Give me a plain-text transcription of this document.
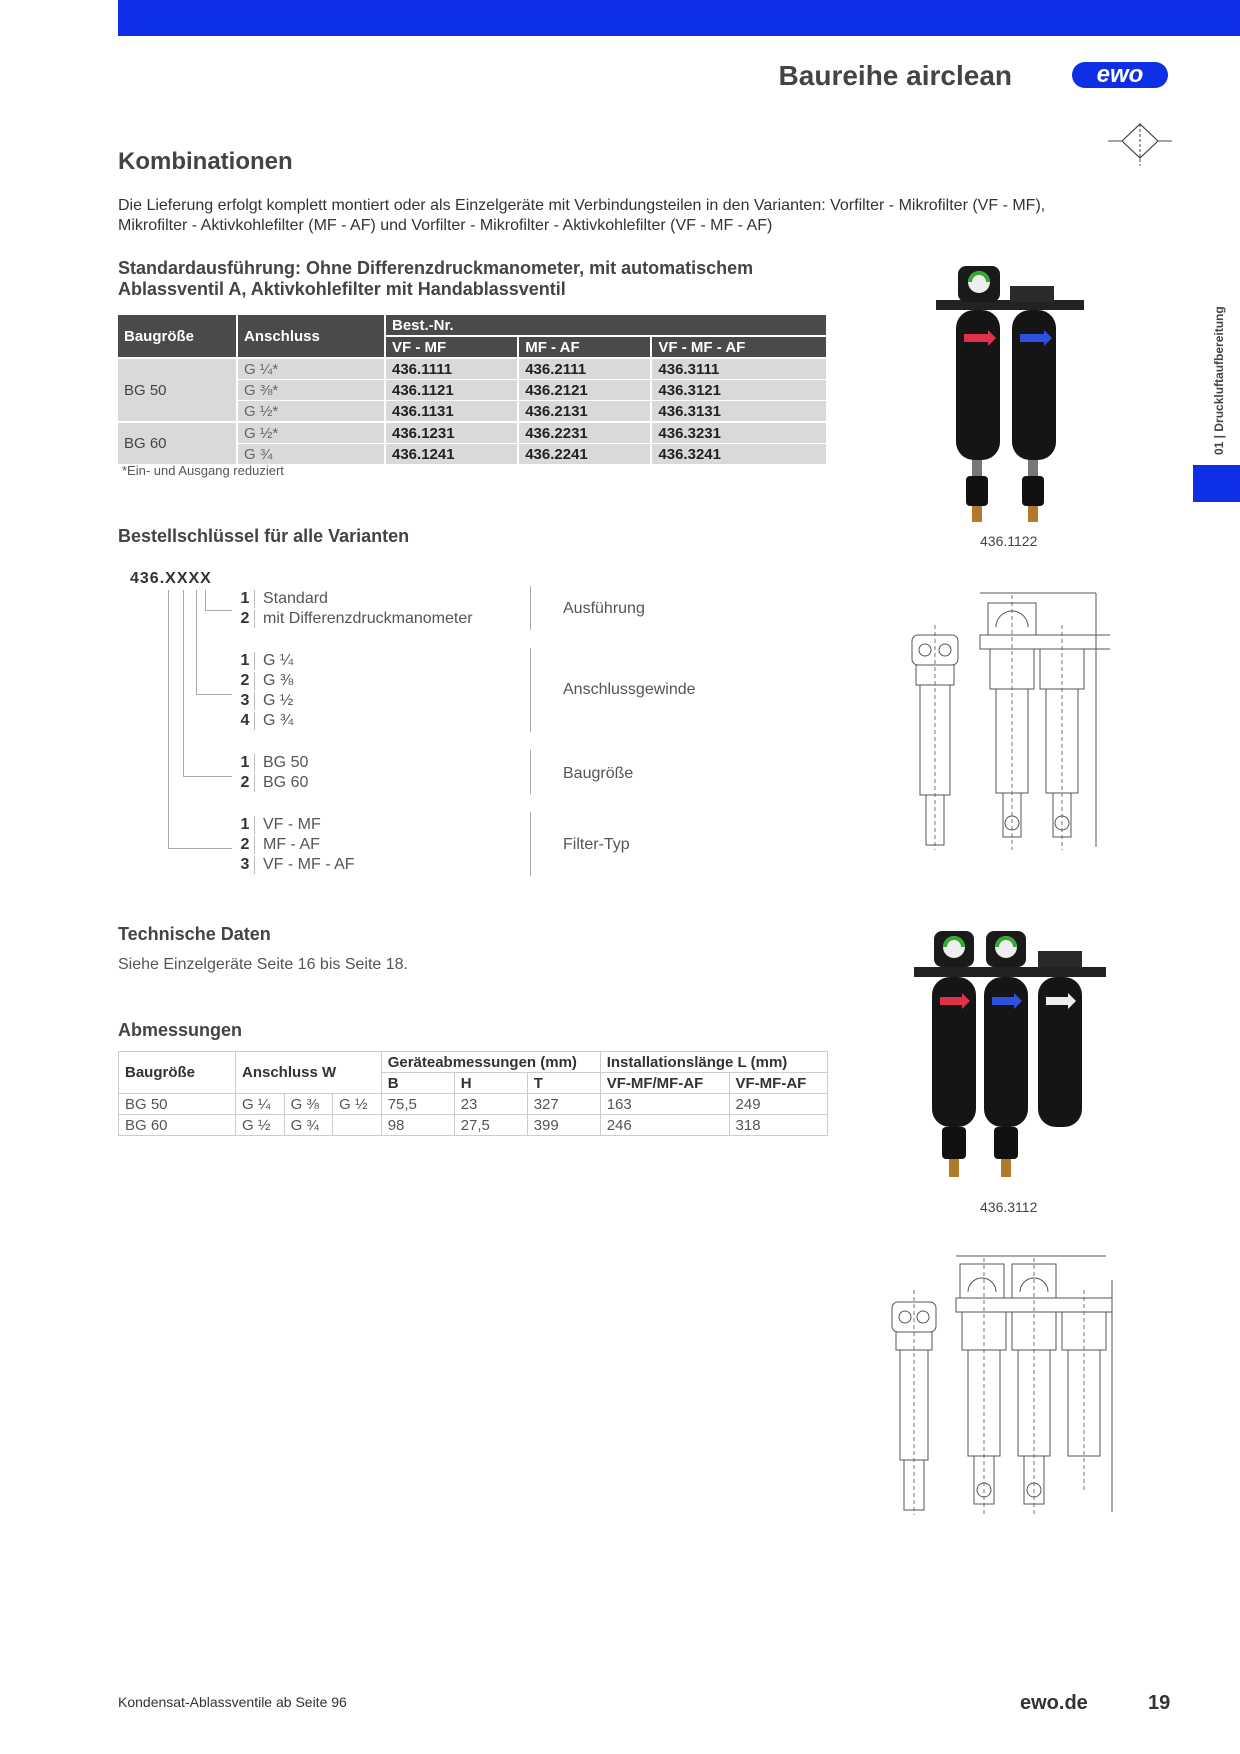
Baureihe airclean	ewo
01 | Druckluftaufbereitung
Kombinationen
Die Lieferung erfolgt komplett montiert oder als Einzelgeräte mit Verbindungsteilen in den Varianten: Vorfilter - Mikrofilter (VF - MF), Mikrofilter - Aktivkohlefilter (MF - AF) und Vorfilter - Mikrofilter - Aktivkohlefilter (VF - MF - AF)
Standardausführung: Ohne Differenzdruckmanometer, mit automatischem Ablassventil A, Aktivkohlefilter mit Handablassventil
Baugröße	Anschluss	Best.-Nr.		
		VF - MF	MF - AF	VF - MF - AF
BG 50	G ¼*	436.1111	436.2111	436.3111
	G ⅜*	436.1121	436.2121	436.3121
	G ½*	436.1131	436.2131	436.3131
BG 60	G ½*	436.1231	436.2231	436.3231
	G ¾	436.1241	436.2241	436.3241
*Ein- und Ausgang reduziert
Bestellschlüssel für alle Varianten
436.XXXX
1 Standard
2 mit Differenzdruckmanometer
Ausführung
1 G ¼
2 G ⅜
3 G ½
4 G ¾
Anschlussgewinde
1 BG 50
2 BG 60
Baugröße
1 VF - MF
2 MF - AF
3 VF - MF - AF
Filter-Typ
Technische Daten
Siehe Einzelgeräte Seite 16 bis Seite 18.
Abmessungen
Baugröße	Anschluss W			Geräteabmessungen (mm)			Installationslänge L (mm)	
				B	H	T	VF-MF/MF-AF	VF-MF-AF
BG 50	G ¼	G ⅜	G ½	75,5	23	327	163	249
BG 60	G ½	G ¾		98	27,5	399	246	318
436.1122
436.3112
Kondensat-Ablassventile ab Seite 96	ewo.de	19
